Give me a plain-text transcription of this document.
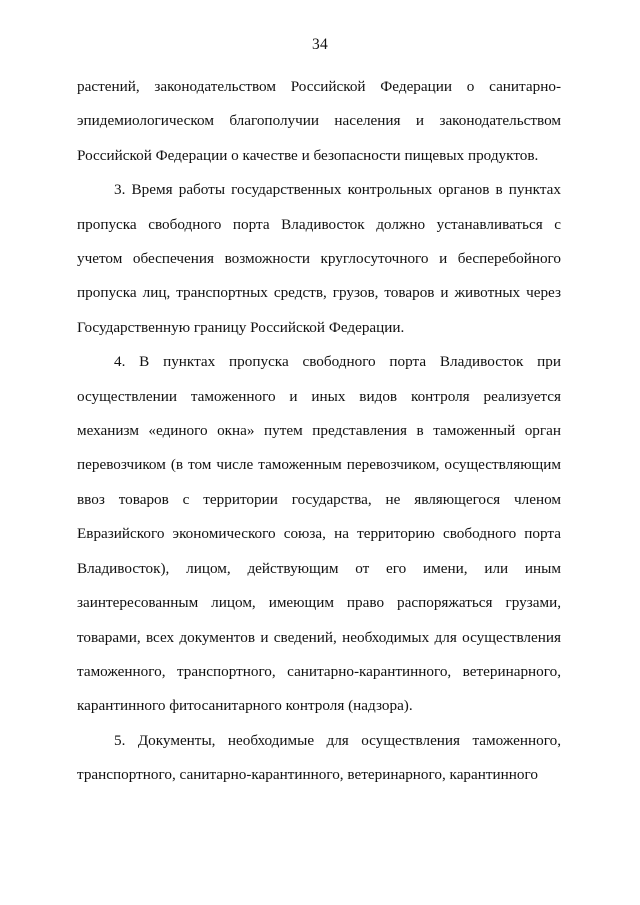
34

растений, законодательством Российской Федерации о санитарно-эпидемиологическом благополучии населения и законодательством Российской Федерации о качестве и безопасности пищевых продуктов.

3. Время работы государственных контрольных органов в пунктах пропуска свободного порта Владивосток должно устанавливаться с учетом обеспечения возможности круглосуточного и бесперебойного пропуска лиц, транспортных средств, грузов, товаров и животных через Государственную границу Российской Федерации.

4. В пунктах пропуска свободного порта Владивосток при осуществлении таможенного и иных видов контроля реализуется механизм «единого окна» путем представления в таможенный орган перевозчиком (в том числе таможенным перевозчиком, осуществляющим ввоз товаров с территории государства, не являющегося членом Евразийского экономического союза, на территорию свободного порта Владивосток), лицом, действующим от его имени, или иным заинтересованным лицом, имеющим право распоряжаться грузами, товарами, всех документов и сведений, необходимых для осуществления таможенного, транспортного, санитарно-карантинного, ветеринарного, карантинного фитосанитарного контроля (надзора).

5. Документы, необходимые для осуществления таможенного, транспортного, санитарно-карантинного, ветеринарного, карантинного
